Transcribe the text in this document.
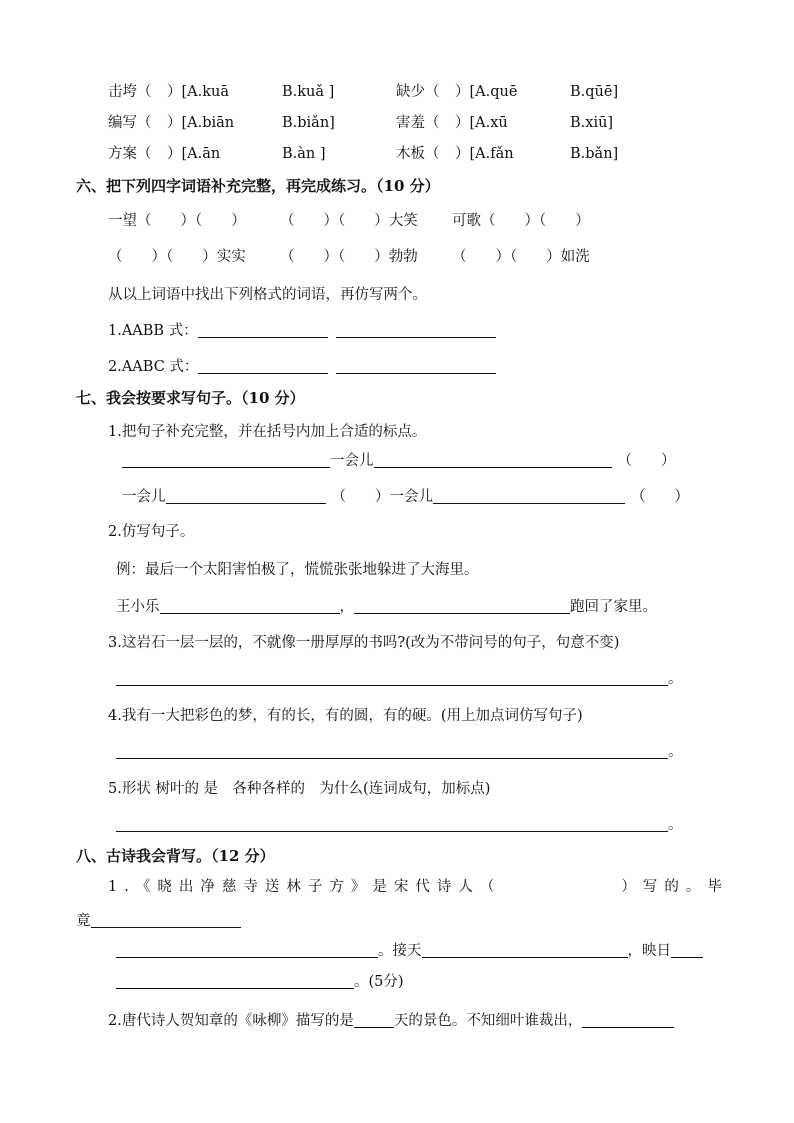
击垮（ ）[A.kuā	B.kuǎ ]	缺少（ ）[A.quē	B.qūē]
编写（ ）[A.biān	B.biǎn]	害羞（ ）[A.xū	B.xiū]
方案（ ）[A.ān	B.àn ]	木板（ ）[A.fǎn	B.bǎn]
六、把下列四字词语补充完整，再完成练习。（10 分）
一望（　　）（　　） （　　）（　　）大笑 可歌（　　）（　　）
（　　）（　　）实实 （　　）（　　）勃勃 （　　）（　　）如洗
从以上词语中找出下列格式的词语，再仿写两个。
1.AABB 式：
2.AABC 式：
七、我会按要求写句子。（10 分）
1.把句子补充完整，并在括号内加上合适的标点。
一会儿	（　　）
一会儿	（　　）一会儿	（　　）
2.仿写句子。
例：最后一个太阳害怕极了，慌慌张张地躲进了大海里。
王小乐	，	跑回了家里。
3.这岩石一层一层的，不就像一册厚厚的书吗?(改为不带问号的句子，句意不变)
。
4.我有一大把彩色的梦，有的长，有的圆，有的硬。(用上加点词仿写句子)
。
5.形状 树叶的 是　各种各样的　为什么(连词成句，加标点)
。
八、古诗我会背写。（12 分）
1.《晓出净慈寺送林子方》是宋代诗人（	）写的。毕
竟
。接天	，映日
。(5分)
2.唐代诗人贺知章的《咏柳》描写的是	天的景色。不知细叶谁裁出，
